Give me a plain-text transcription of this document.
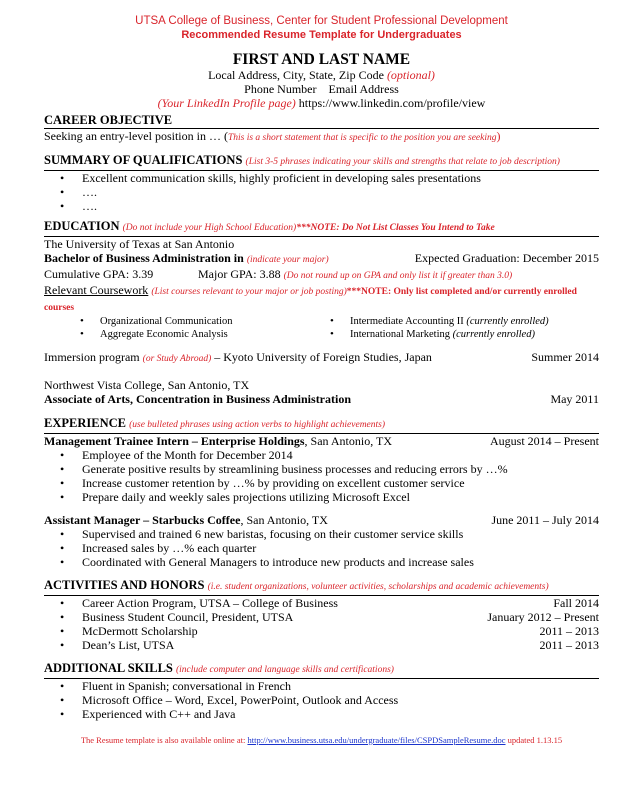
UTSA College of Business, Center for Student Professional Development
Recommended Resume Template for Undergraduates
FIRST AND LAST NAME
Local Address, City, State, Zip Code (optional)
Phone Number    Email Address
(Your LinkedIn Profile page) https://www.linkedin.com/profile/view
CAREER OBJECTIVE
Seeking an entry-level position in … (This is a short statement that is specific to the position you are seeking)
SUMMARY OF QUALIFICATIONS (List 3-5 phrases indicating your skills and strengths that relate to job description)
• Excellent communication skills, highly proficient in developing sales presentations
• ….
• ….
EDUCATION (Do not include your High School Education)***NOTE: Do Not List Classes You Intend to Take
The University of Texas at San Antonio
Bachelor of Business Administration in (indicate your major)	Expected Graduation: December 2015
Cumulative GPA: 3.39	Major GPA: 3.88 (Do not round up on GPA and only list it if greater than 3.0)
Relevant Coursework (List courses relevant to your major or job posting)***NOTE: Only list completed and/or currently enrolled courses
• Organizational Communication
• Aggregate Economic Analysis
• Intermediate Accounting II (currently enrolled)
• International Marketing (currently enrolled)
Immersion program (or Study Abroad) – Kyoto University of Foreign Studies, Japan	Summer 2014
Northwest Vista College, San Antonio, TX
Associate of Arts, Concentration in Business Administration	May 2011
EXPERIENCE (use bulleted phrases using action verbs to highlight achievements)
Management Trainee Intern – Enterprise Holdings, San Antonio, TX	August 2014 – Present
• Employee of the Month for December 2014
• Generate positive results by streamlining business processes and reducing errors by …%
• Increase customer retention by …% by providing on excellent customer service
• Prepare daily and weekly sales projections utilizing Microsoft Excel
Assistant Manager – Starbucks Coffee, San Antonio, TX	June 2011 – July 2014
• Supervised and trained 6 new baristas, focusing on their customer service skills
• Increased sales by …% each quarter
• Coordinated with General Managers to introduce new products and increase sales
ACTIVITIES AND HONORS (i.e. student organizations, volunteer activities, scholarships and academic achievements)
• Career Action Program, UTSA – College of Business	Fall 2014
• Business Student Council, President, UTSA	January 2012 – Present
• McDermott Scholarship	2011 – 2013
• Dean’s List, UTSA	2011 – 2013
ADDITIONAL SKILLS (include computer and language skills and certifications)
• Fluent in Spanish; conversational in French
• Microsoft Office – Word, Excel, PowerPoint, Outlook and Access
• Experienced with C++ and Java
The Resume template is also available online at: http://www.business.utsa.edu/undergraduate/files/CSPDSampleResume.doc updated 1.13.15
